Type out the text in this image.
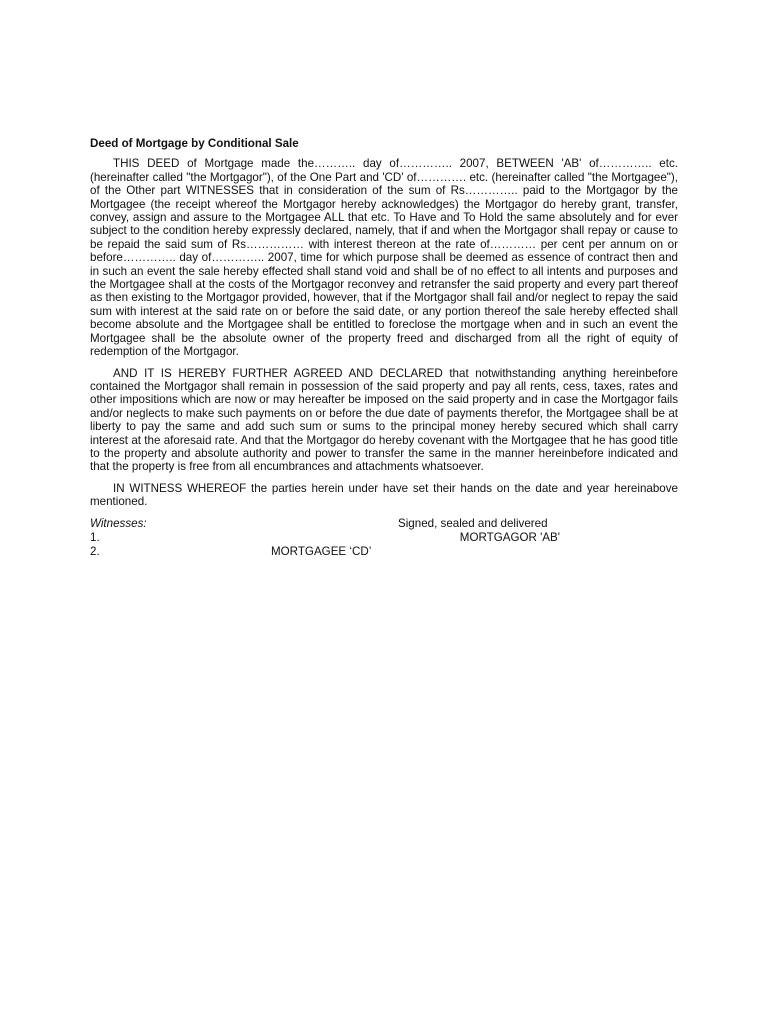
Deed of Mortgage by Conditional Sale

THIS DEED of Mortgage made the……….. day of………….. 2007, BETWEEN 'AB' of………….. etc. (hereinafter called "the Mortgagor"), of the One Part and 'CD' of…………. etc. (hereinafter called "the Mortgagee"), of the Other part WITNESSES that in consideration of the sum of Rs………….. paid to the Mortgagor by the Mortgagee (the receipt whereof the Mortgagor hereby acknowledges) the Mortgagor do hereby grant, transfer, convey, assign and assure to the Mortgagee ALL that etc. To Have and To Hold the same absolutely and for ever subject to the condition hereby expressly declared, namely, that if and when the Mortgagor shall repay or cause to be repaid the said sum of Rs…………… with interest thereon at the rate of………… per cent per annum on or before………….. day of………….. 2007, time for which purpose shall be deemed as essence of contract then and in such an event the sale hereby effected shall stand void and shall be of no effect to all intents and purposes and the Mortgagee shall at the costs of the Mortgagor reconvey and retransfer the said property and every part thereof as then existing to the Mortgagor provided, however, that if the Mortgagor shall fail and/or neglect to repay the said sum with interest at the said rate on or before the said date, or any portion thereof the sale hereby effected shall become absolute and the Mortgagee shall be entitled to foreclose the mortgage when and in such an event the Mortgagee shall be the absolute owner of the property freed and discharged from all the right of equity of redemption of the Mortgagor.

AND IT IS HEREBY FURTHER AGREED AND DECLARED that notwithstanding anything hereinbefore contained the Mortgagor shall remain in possession of the said property and pay all rents, cess, taxes, rates and other impositions which are now or may hereafter be imposed on the said property and in case the Mortgagor fails and/or neglects to make such payments on or before the due date of payments therefor, the Mortgagee shall be at liberty to pay the same and add such sum or sums to the principal money hereby secured which shall carry interest at the aforesaid rate. And that the Mortgagor do hereby covenant with the Mortgagee that he has good title to the property and absolute authority and power to transfer the same in the manner hereinbefore indicated and that the property is free from all encumbrances and attachments whatsoever.

IN WITNESS WHEREOF the parties herein under have set their hands on the date and year hereinabove mentioned.

Witnesses:	Signed, sealed and delivered
1.	MORTGAGOR 'AB'
2.	MORTGAGEE ‘CD’
